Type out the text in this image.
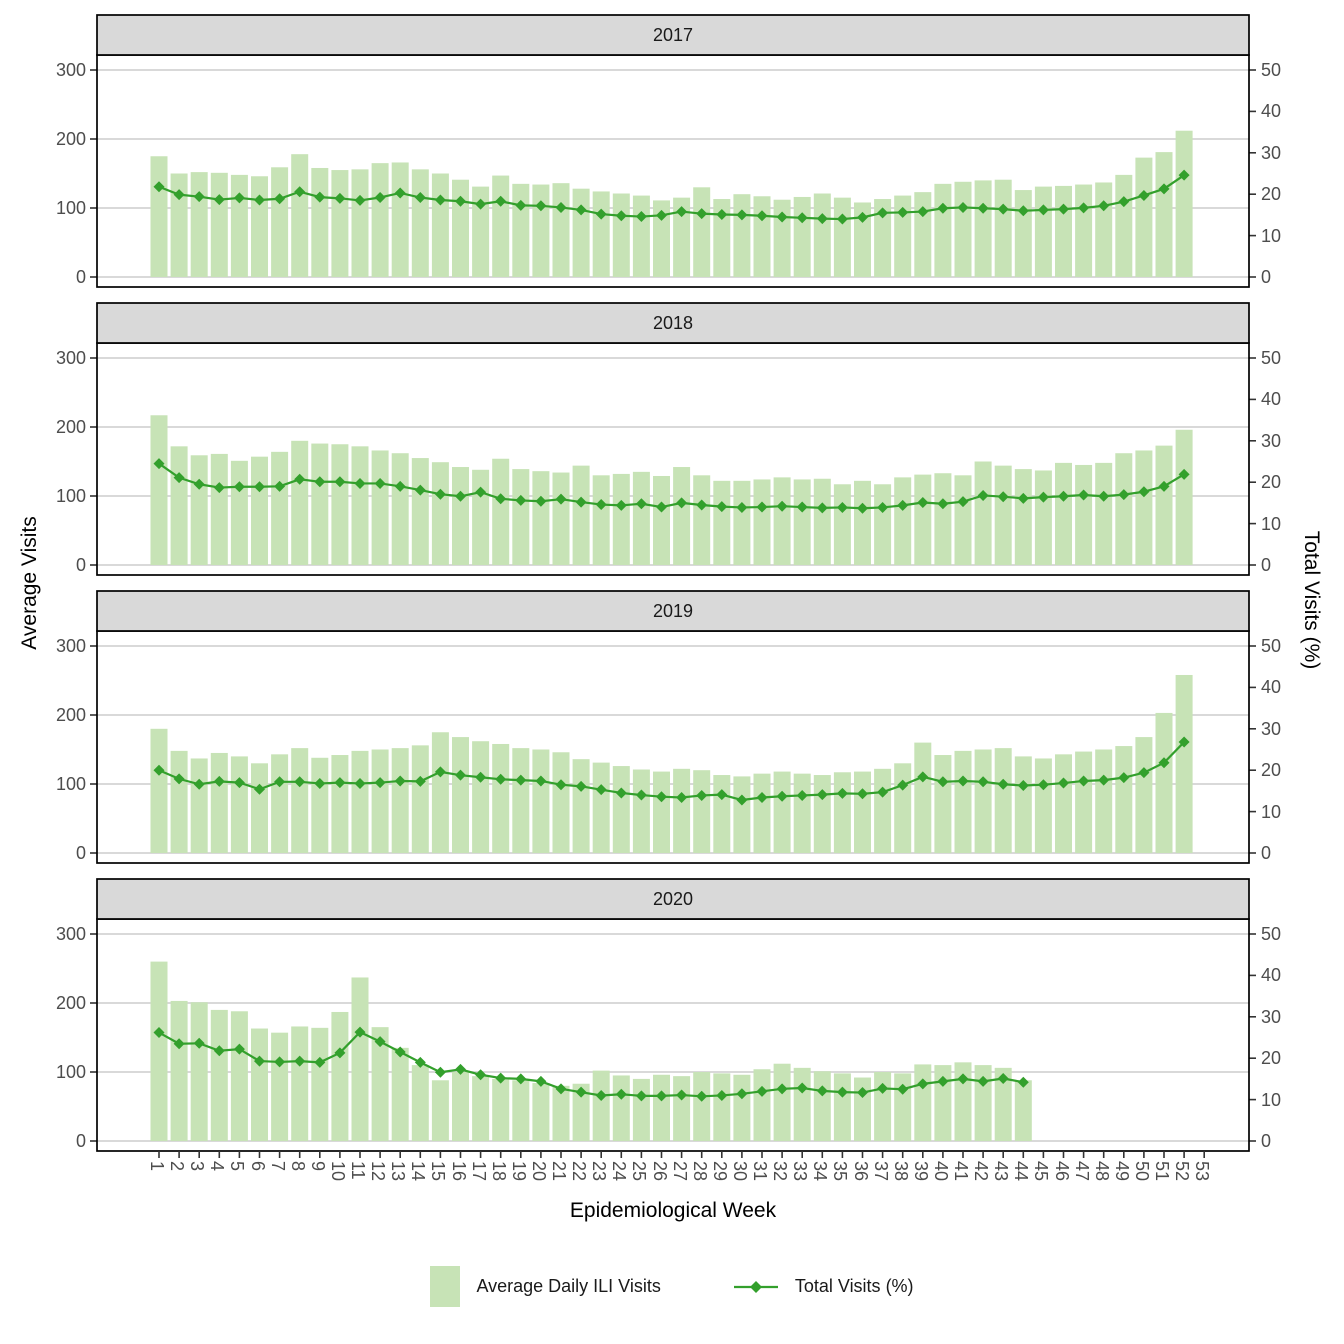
0
100
200
300
0
10
20
30
40
50
0
100
200
300
0
10
20
30
40
50
0
100
200
300
0
10
20
30
40
50
0
100
200
300
0
10
20
30
40
50
1 2 3 4 5 6 7 8 9 10 11 12 13 14 15 16 17 18 19 20 21 22 23 24 25 26 27 28 29 30 31 32 33 34 35 36 37 38 39 40 41 42 43 44 45 46 47 48 49 50 51 52 53
2017
2018
2019
2020
Average Visits	Total Visits (%)
Epidemiological Week
Average Daily ILI Visits	Total Visits (%)
